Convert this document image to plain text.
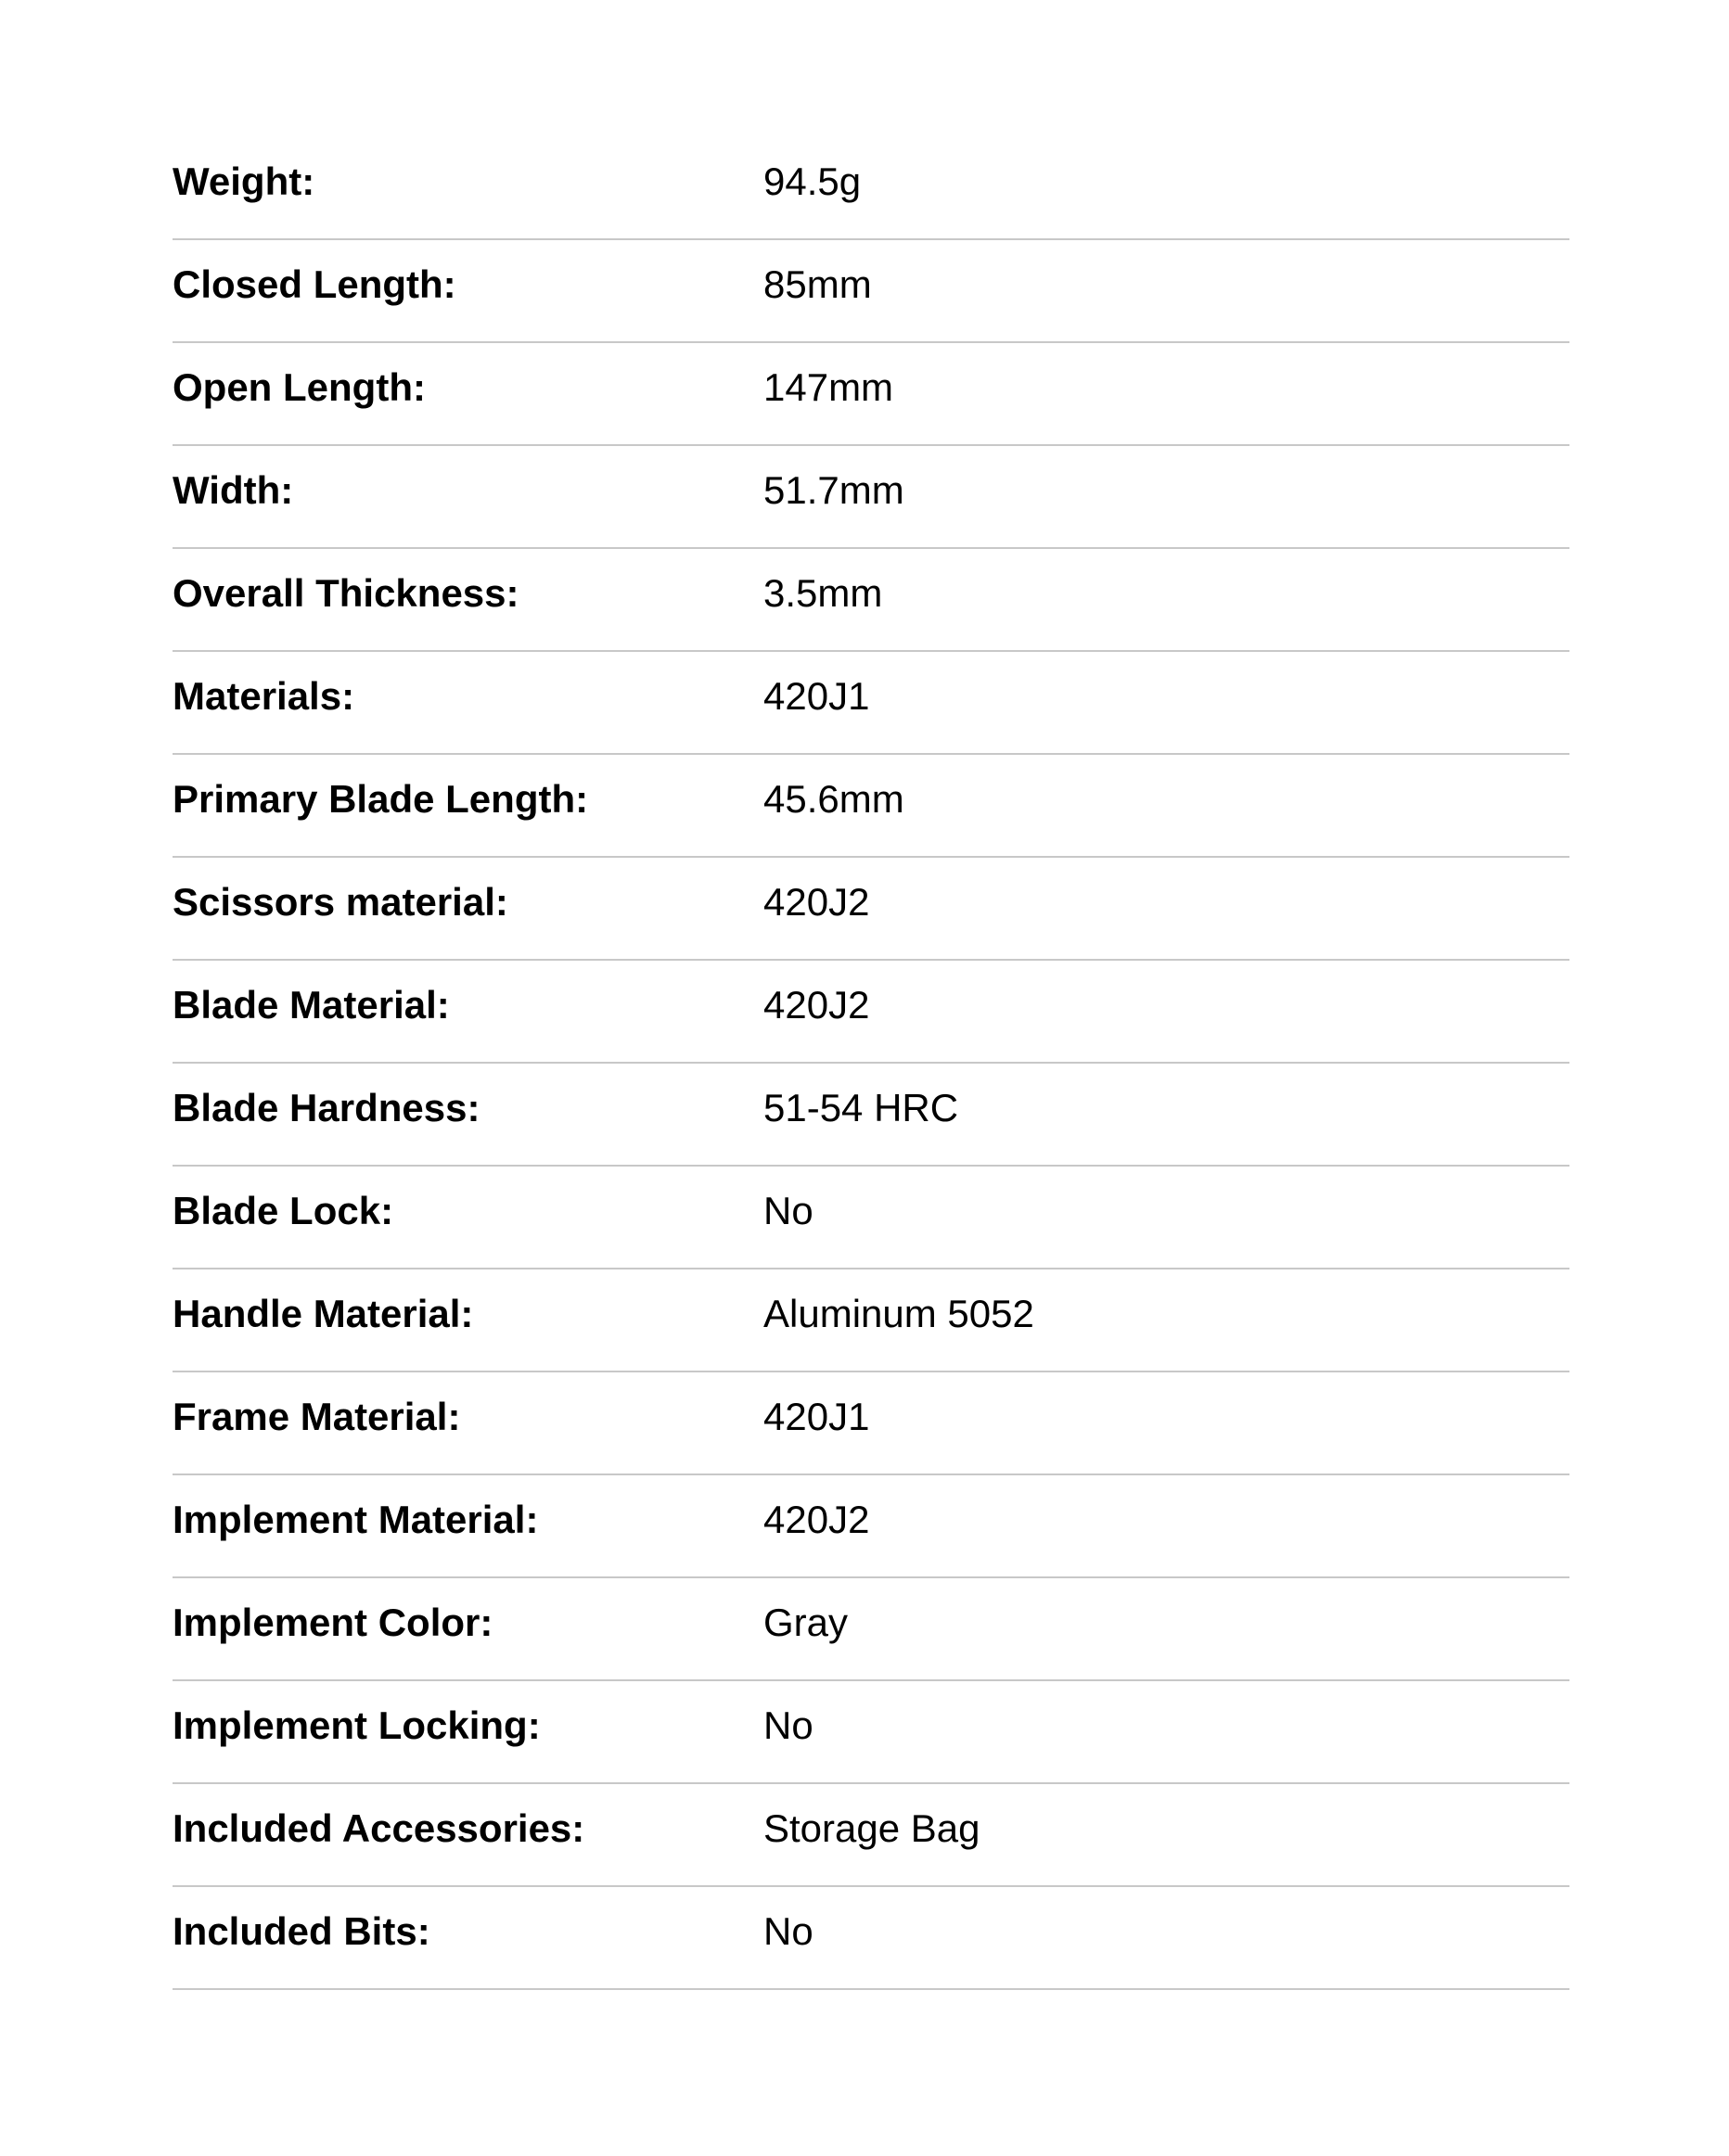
Weight:	94.5g
Closed Length:	85mm
Open Length:	147mm
Width:	51.7mm
Overall Thickness:	3.5mm
Materials:	420J1
Primary Blade Length:	45.6mm
Scissors material:	420J2
Blade Material:	420J2
Blade Hardness:	51-54 HRC
Blade Lock:	No
Handle Material:	Aluminum 5052
Frame Material:	420J1
Implement Material:	420J2
Implement Color:	Gray
Implement Locking:	No
Included Accessories:	Storage Bag
Included Bits:	No
